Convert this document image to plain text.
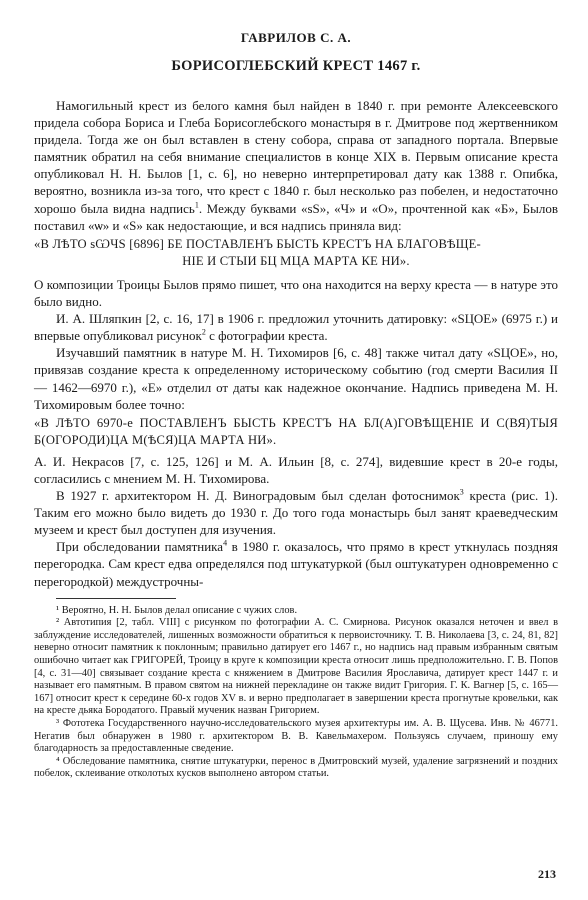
ГАВРИЛОВ С. А.
БОРИСОГЛЕБСКИЙ КРЕСТ 1467 г.

Намогильный крест из белого камня был найден в 1840 г. при ремонте Алексеевского придела собора Бориса и Глеба Борисоглебского монастыря в г. Дмитрове под жертвенником придела. Тогда же он был вставлен в стену собора, справа от западного портала. Впервые памятник обратил на себя внимание специалистов в конце XIX в. Первым описание креста опубликовал Н. Н. Былов [1, с. 6], но неверно интерпретировал дату как 1388 г. Опибка, вероятно, возникла из-за того, что крест с 1840 г. был несколько раз побелен, и недостаточно хорошо была видна надпись$^1$. Между буквами «ѕS», «Ч» и «О», прочтенной как «Б», Былов поставил «ѡ» и «S» как недостающие, и вся надпись приняла вид:

«В ЛѢТО ѕѠЧS [6896] БЕ ПОСТАВЛЕНЪ БЫСТЬ КРЕСТЪ НА БЛАГОВѢЩЕ-
НІЕ И СТЫИ БЦ МЦА МАРТА КЕ НИ».

О композиции Троицы Былов прямо пишет, что она находится на верху креста — в натуре это было видно.

И. А. Шляпкин [2, с. 16, 17] в 1906 г. предложил уточнить датировку: «ЅЦОЕ» (6975 г.) и впервые опубликовал рисунок$^2$ с фотографии креста.

Изучавший памятник в натуре М. Н. Тихомиров [6, с. 48] также читал дату «ЅЦОЕ», но, привязав создание креста к определенному историческому событию (год смерти Василия II — 1462—6970 г.), «Е» отделил от даты как надежное окончание. Надпись приведена М. Н. Тихомировым более точно:

«В ЛѢТО 6970-е ПОСТАВЛЕНЪ БЫСТЬ КРЕСТЪ НА БЛ(А)ГОВѢЩЕНІЕ И С(ВЯ)ТЫЯ Б(ОГОРОДИ)ЦА М(ѢСЯ)ЦА МАРТА НИ».

А. И. Некрасов [7, с. 125, 126] и М. А. Ильин [8, с. 274], видевшие крест в 20-е годы, согласились с мнением М. Н. Тихомирова.

В 1927 г. архитектором Н. Д. Виноградовым был сделан фотоснимок$^3$ креста (рис. 1). Таким его можно было видеть до 1930 г. До того года монастырь был занят краеведческим музеем и крест был доступен для изучения.

При обследовании памятника$^4$ в 1980 г. оказалось, что прямо в крест уткнулась поздняя перегородка. Сам крест едва определялся под штукатуркой (был оштукатурен одновременно с перегородкой) междустрочны-

¹ Вероятно, Н. Н. Былов делал описание с чужих слов.

² Автотипия [2, табл. VIII] с рисунком по фотографии А. С. Смирнова. Рисунок оказался неточен и ввел в заблуждение исследователей, лишенных возможности обратиться к первоисточнику. Т. В. Николаева [3, с. 24, 81, 82] неверно относит памятник к поклонным; правильно датирует его 1467 г., но надпись над правым избранным святым ошибочно читает как ГРИГОРЕЙ, Троицу в круге к композиции креста относит лишь предположительно. Г. В. Попов [4, с. 31—40] связывает создание креста с княжением в Дмитрове Василия Ярославича, датирует крест 1447 г. и называет его памятным. В правом святом на нижней перекладине он также видит Григория. Г. К. Вагнер [5, с. 165—167] относит крест к середине 60-х годов XV в. и верно предполагает в завершении креста прогнутые кровельки, как на кресте дьяка Бородатого. Правый мученик назван Григорием.

³ Фототека Государственного научно-исследовательского музея архитектуры им. А. В. Щусева. Инв. № 46771. Негатив был обнаружен в 1980 г. архитектором В. В. Кавельмахером. Пользуясь случаем, приношу ему благодарность за предоставленные сведение.

⁴ Обследование памятника, снятие штукатурки, перенос в Дмитровский музей, удаление загрязнений и поздних побелок, склеивание отколотых кусков выполнено автором статьи.

213
